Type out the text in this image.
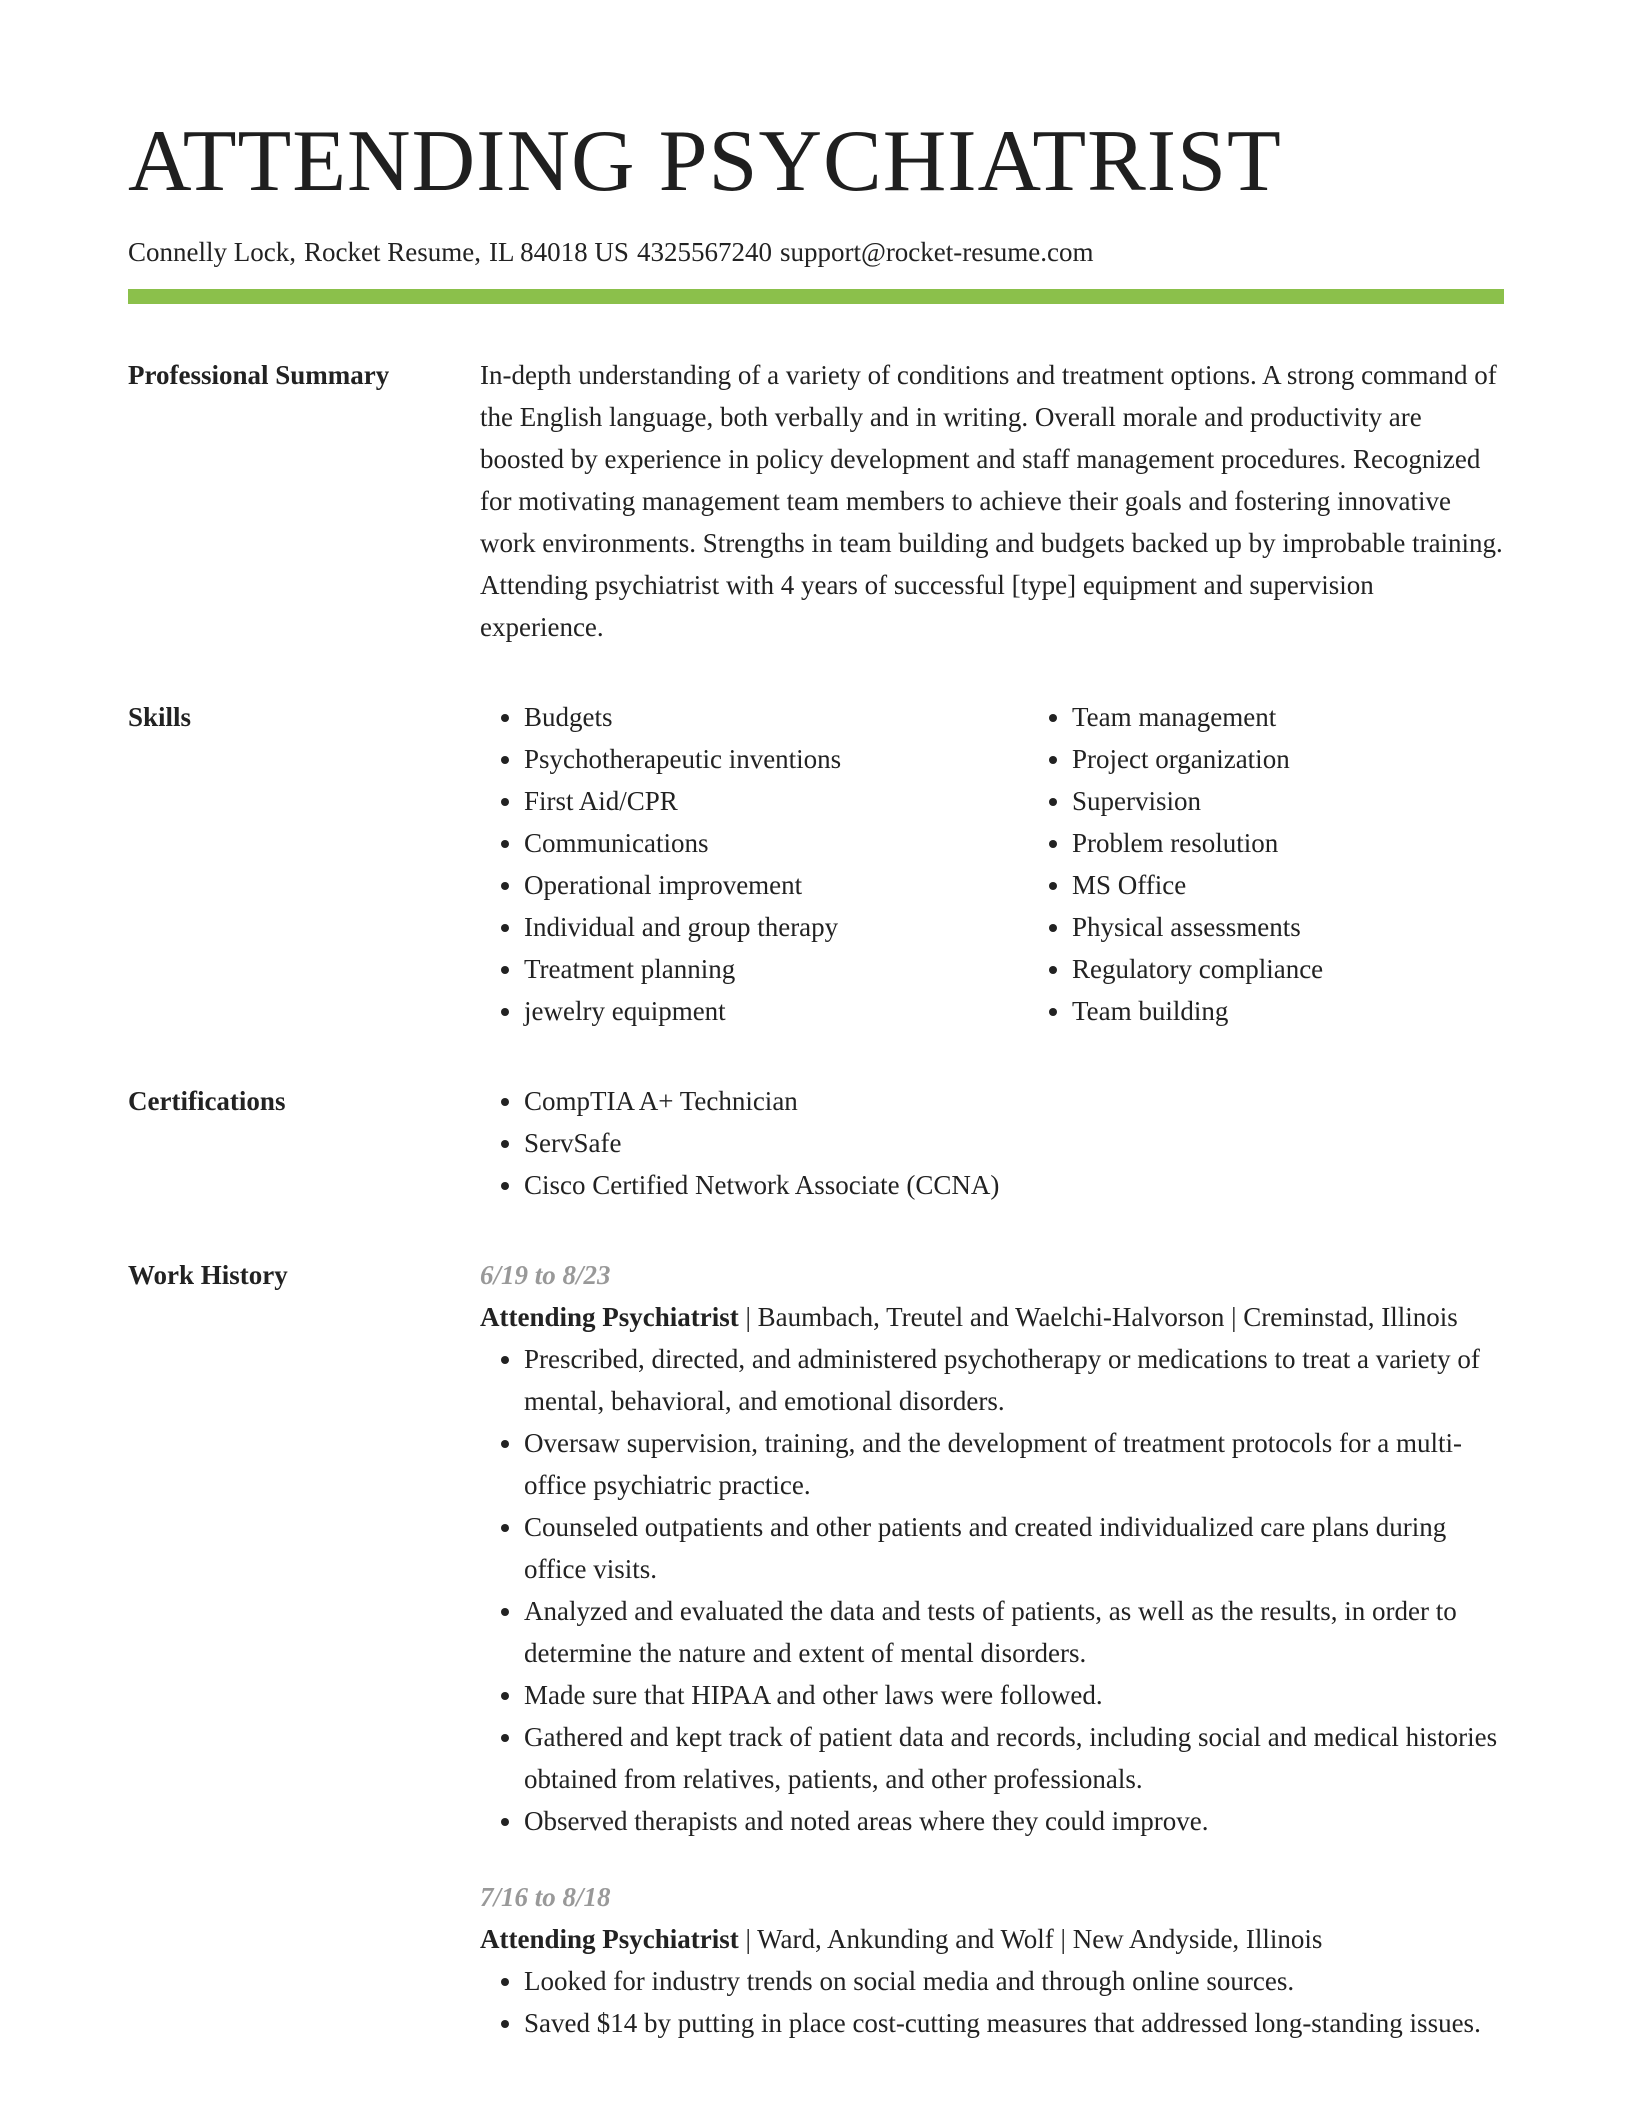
ATTENDING PSYCHIATRIST
Connelly Lock, Rocket Resume, IL 84018 US 4325567240 support@rocket-resume.com
Professional Summary	In-depth understanding of a variety of conditions and treatment options. A strong command of the English language, both verbally and in writing. Overall morale and productivity are boosted by experience in policy development and staff management procedures. Recognized for motivating management team members to achieve their goals and fostering innovative work environments. Strengths in team building and budgets backed up by improbable training. Attending psychiatrist with 4 years of successful [type] equipment and supervision experience.

Skills	• Budgets
• Psychotherapeutic inventions
• First Aid/CPR
• Communications
• Operational improvement
• Individual and group therapy
• Treatment planning
• jewelry equipment
• Team management
• Project organization
• Supervision
• Problem resolution
• MS Office
• Physical assessments
• Regulatory compliance
• Team building
Certifications	• CompTIA A+ Technician
• ServSafe
• Cisco Certified Network Associate (CCNA)
Work History	6/19 to 8/23
Attending Psychiatrist | Baumbach, Treutel and Waelchi-Halvorson | Creminstad, Illinois
• Prescribed, directed, and administered psychotherapy or medications to treat a variety of mental, behavioral, and emotional disorders.
• Oversaw supervision, training, and the development of treatment protocols for a multi-office psychiatric practice.
• Counseled outpatients and other patients and created individualized care plans during office visits.
• Analyzed and evaluated the data and tests of patients, as well as the results, in order to determine the nature and extent of mental disorders.
• Made sure that HIPAA and other laws were followed.
• Gathered and kept track of patient data and records, including social and medical histories obtained from relatives, patients, and other professionals.
• Observed therapists and noted areas where they could improve.
7/16 to 8/18
Attending Psychiatrist | Ward, Ankunding and Wolf | New Andyside, Illinois
• Looked for industry trends on social media and through online sources.
• Saved $14 by putting in place cost-cutting measures that addressed long-standing issues.
